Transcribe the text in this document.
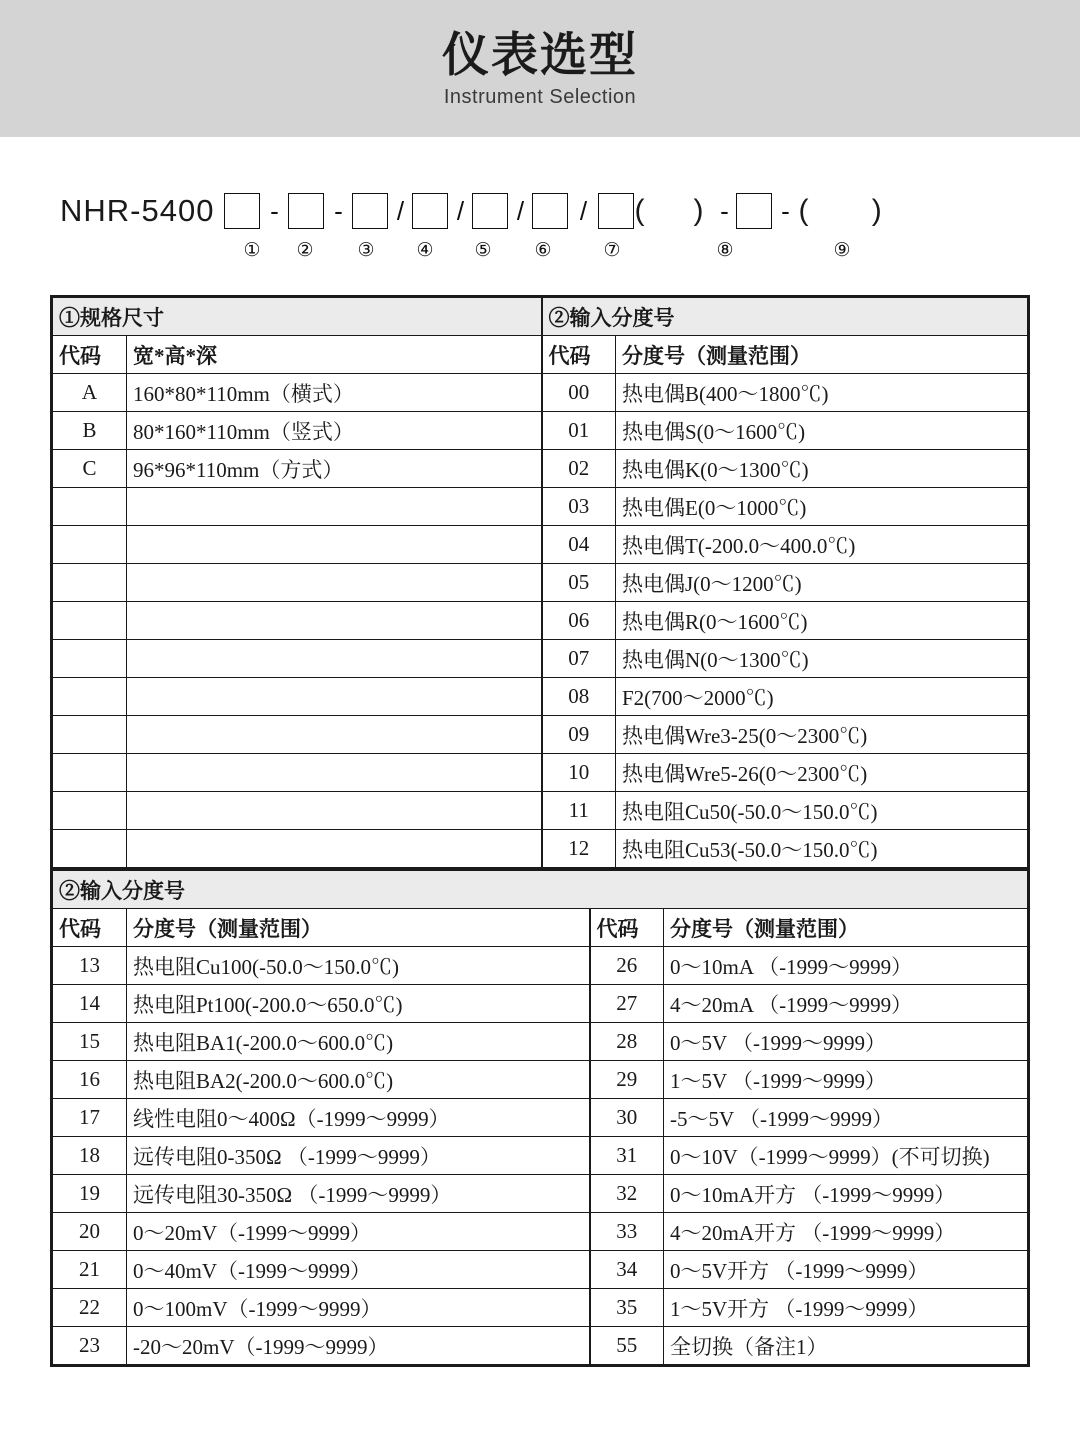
仪表选型
Instrument Selection
NHR-5400	-	-	/	/	/	/	(   ) -	- (    )
①	②	③	④	⑤	⑥	⑦	⑧	⑨
①规格尺寸		②输入分度号	
代码	宽*高*深	代码	分度号（测量范围）
A	160*80*110mm（横式）	00	热电偶B(400～1800℃)
B	80*160*110mm（竖式）	01	热电偶S(0～1600℃)
C	96*96*110mm（方式）	02	热电偶K(0～1300℃)
		03	热电偶E(0～1000℃)
		04	热电偶T(-200.0～400.0℃)
		05	热电偶J(0～1200℃)
		06	热电偶R(0～1600℃)
		07	热电偶N(0～1300℃)
		08	F2(700～2000℃)
		09	热电偶Wre3-25(0～2300℃)
		10	热电偶Wre5-26(0～2300℃)
		11	热电阻Cu50(-50.0～150.0℃)
		12	热电阻Cu53(-50.0～150.0℃)
②输入分度号			
代码	分度号（测量范围）	代码	分度号（测量范围）
13	热电阻Cu100(-50.0～150.0℃)	26	0～10mA （-1999～9999）
14	热电阻Pt100(-200.0～650.0℃)	27	4～20mA （-1999～9999）
15	热电阻BA1(-200.0～600.0℃)	28	0～5V （-1999～9999）
16	热电阻BA2(-200.0～600.0℃)	29	1～5V （-1999～9999）
17	线性电阻0～400Ω（-1999～9999）	30	-5～5V （-1999～9999）
18	远传电阻0-350Ω （-1999～9999）	31	0～10V（-1999～9999）(不可切换)
19	远传电阻30-350Ω （-1999～9999）	32	0～10mA开方 （-1999～9999）
20	0～20mV（-1999～9999）	33	4～20mA开方 （-1999～9999）
21	0～40mV（-1999～9999）	34	0～5V开方 （-1999～9999）
22	0～100mV（-1999～9999）	35	1～5V开方 （-1999～9999）
23	-20～20mV（-1999～9999）	55	全切换（备注1）
